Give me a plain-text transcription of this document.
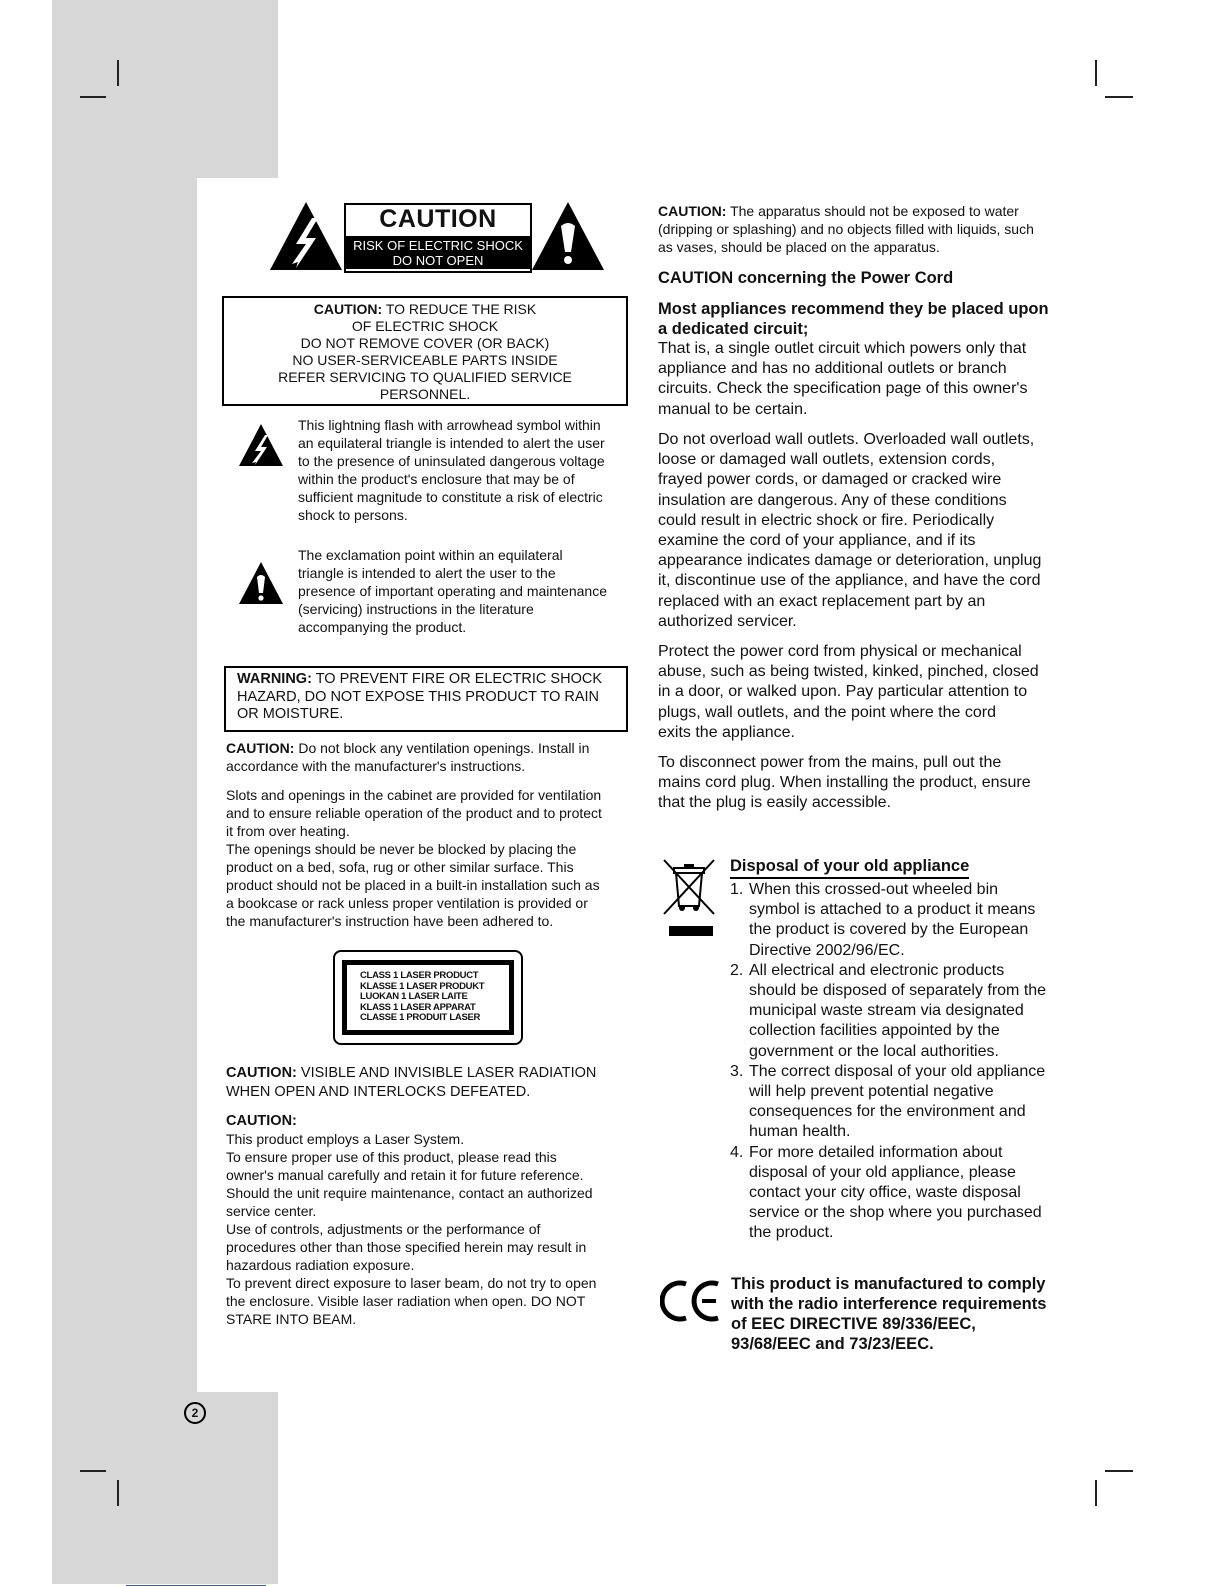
CAUTION
RISK OF ELECTRIC SHOCK
DO NOT OPEN
CAUTION: TO REDUCE THE RISK
OF ELECTRIC SHOCK
DO NOT REMOVE COVER (OR BACK)
NO USER-SERVICEABLE PARTS INSIDE
REFER SERVICING TO QUALIFIED SERVICE
PERSONNEL.
This lightning flash with arrowhead symbol within
an equilateral triangle is intended to alert the user
to the presence of uninsulated dangerous voltage
within the product's enclosure that may be of
sufficient magnitude to constitute a risk of electric
shock to persons.
The exclamation point within an equilateral
triangle is intended to alert the user to the
presence of important operating and maintenance
(servicing) instructions in the literature
accompanying the product.
WARNING: TO PREVENT FIRE OR ELECTRIC SHOCK
HAZARD, DO NOT EXPOSE THIS PRODUCT TO RAIN
OR MOISTURE.
CAUTION: Do not block any ventilation openings. Install in
accordance with the manufacturer's instructions.
Slots and openings in the cabinet are provided for ventilation
and to ensure reliable operation of the product and to protect
it from over heating.
The openings should be never be blocked by placing the
product on a bed, sofa, rug or other similar surface. This
product should not be placed in a built-in installation such as
a bookcase or rack unless proper ventilation is provided or
the manufacturer's instruction have been adhered to.
CLASS 1 LASER PRODUCT
KLASSE 1 LASER PRODUKT
LUOKAN 1 LASER LAITE
KLASS 1 LASER APPARAT
CLASSE 1 PRODUIT LASER
CAUTION: VISIBLE AND INVISIBLE LASER RADIATION
WHEN OPEN AND INTERLOCKS DEFEATED.
CAUTION:
This product employs a Laser System.
To ensure proper use of this product, please read this
owner's manual carefully and retain it for future reference.
Should the unit require maintenance, contact an authorized
service center.
Use of controls, adjustments or the performance of
procedures other than those specified herein may result in
hazardous radiation exposure.
To prevent direct exposure to laser beam, do not try to open
the enclosure. Visible laser radiation when open. DO NOT
STARE INTO BEAM.
2
CAUTION: The apparatus should not be exposed to water
(dripping or splashing) and no objects filled with liquids, such
as vases, should be placed on the apparatus.
CAUTION concerning the Power Cord
Most appliances recommend they be placed upon
a dedicated circuit;
That is, a single outlet circuit which powers only that
appliance and has no additional outlets or branch
circuits. Check the specification page of this owner's
manual to be certain.
Do not overload wall outlets. Overloaded wall outlets,
loose or damaged wall outlets, extension cords,
frayed power cords, or damaged or cracked wire
insulation are dangerous. Any of these conditions
could result in electric shock or fire. Periodically
examine the cord of your appliance, and if its
appearance indicates damage or deterioration, unplug
it, discontinue use of the appliance, and have the cord
replaced with an exact replacement part by an
authorized servicer.
Protect the power cord from physical or mechanical
abuse, such as being twisted, kinked, pinched, closed
in a door, or walked upon. Pay particular attention to
plugs, wall outlets, and the point where the cord
exits the appliance.
To disconnect power from the mains, pull out the
mains cord plug. When installing the product, ensure
that the plug is easily accessible.
Disposal of your old appliance
1. When this crossed-out wheeled bin
symbol is attached to a product it means
the product is covered by the European
Directive 2002/96/EC.
2. All electrical and electronic products
should be disposed of separately from the
municipal waste stream via designated
collection facilities appointed by the
government or the local authorities.
3. The correct disposal of your old appliance
will help prevent potential negative
consequences for the environment and
human health.
4. For more detailed information about
disposal of your old appliance, please
contact your city office, waste disposal
service or the shop where you purchased
the product.
This product is manufactured to comply
with the radio interference requirements
of EEC DIRECTIVE 89/336/EEC,
93/68/EEC and 73/23/EEC.
